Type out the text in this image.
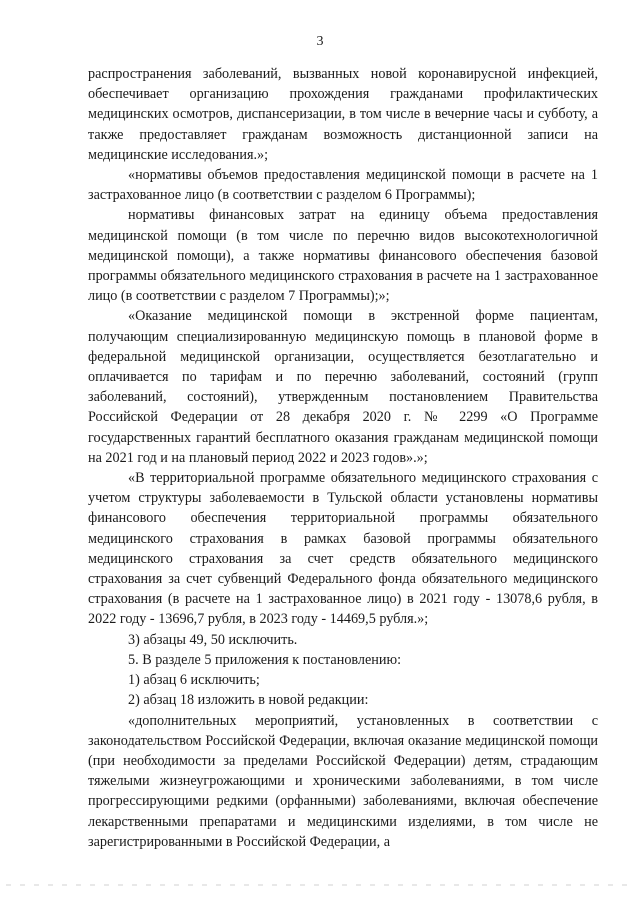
3

распространения заболеваний, вызванных новой коронавирусной инфекцией, обеспечивает организацию прохождения гражданами профилактических медицинских осмотров, диспансеризации, в том числе в вечерние часы и субботу, а также предоставляет гражданам возможность дистанционной записи на медицинские исследования.»;

«нормативы объемов предоставления медицинской помощи в расчете на 1 застрахованное лицо (в соответствии с разделом 6 Программы);

нормативы финансовых затрат на единицу объема предоставления медицинской помощи (в том числе по перечню видов высокотехнологичной медицинской помощи), а также нормативы финансового обеспечения базовой программы обязательного медицинского страхования в расчете на 1 застрахованное лицо (в соответствии с разделом 7 Программы);»;

«Оказание медицинской помощи в экстренной форме пациентам, получающим специализированную медицинскую помощь в плановой форме в федеральной медицинской организации, осуществляется безотлагательно и оплачивается по тарифам и по перечню заболеваний, состояний (групп заболеваний, состояний), утвержденным постановлением Правительства Российской Федерации от 28 декабря 2020 г. № 2299 «О Программе государственных гарантий бесплатного оказания гражданам медицинской помощи на 2021 год и на плановый период 2022 и 2023 годов».»;

«В территориальной программе обязательного медицинского страхования с учетом структуры заболеваемости в Тульской области установлены нормативы финансового обеспечения территориальной программы обязательного медицинского страхования в рамках базовой программы обязательного медицинского страхования за счет средств обязательного медицинского страхования за счет субвенций Федерального фонда обязательного медицинского страхования (в расчете на 1 застрахованное лицо) в 2021 году - 13078,6 рубля, в 2022 году - 13696,7 рубля, в 2023 году - 14469,5 рубля.»;

3) абзацы 49, 50 исключить.

5. В разделе 5 приложения к постановлению:

1) абзац 6 исключить;

2) абзац 18 изложить в новой редакции:

«дополнительных мероприятий, установленных в соответствии с законодательством Российской Федерации, включая оказание медицинской помощи (при необходимости за пределами Российской Федерации) детям, страдающим тяжелыми жизнеугрожающими и хроническими заболеваниями, в том числе прогрессирующими редкими (орфанными) заболеваниями, включая обеспечение лекарственными препаратами и медицинскими изделиями, в том числе не зарегистрированными в Российской Федерации, а
